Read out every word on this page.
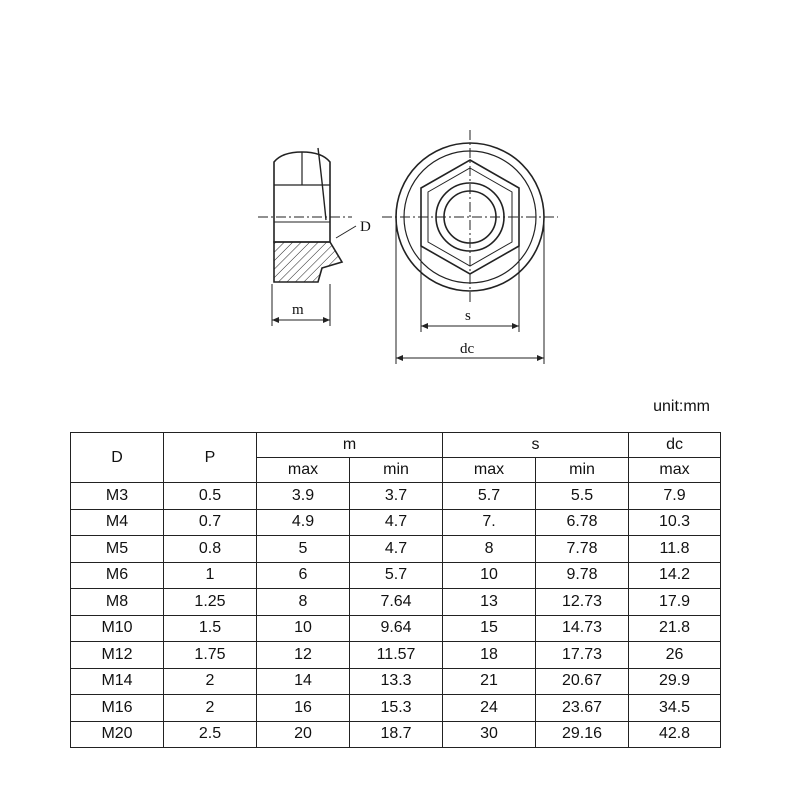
D
m	s
dc
unit:mm
D	P	m		s		dc
		max	min	max	min	max
M3	0.5	3.9	3.7	5.7	5.5	7.9
M4	0.7	4.9	4.7	7.	6.78	10.3
M5	0.8	5	4.7	8	7.78	11.8
M6	1	6	5.7	10	9.78	14.2
M8	1.25	8	7.64	13	12.73	17.9
M10	1.5	10	9.64	15	14.73	21.8
M12	1.75	12	11.57	18	17.73	26
M14	2	14	13.3	21	20.67	29.9
M16	2	16	15.3	24	23.67	34.5
M20	2.5	20	18.7	30	29.16	42.8
